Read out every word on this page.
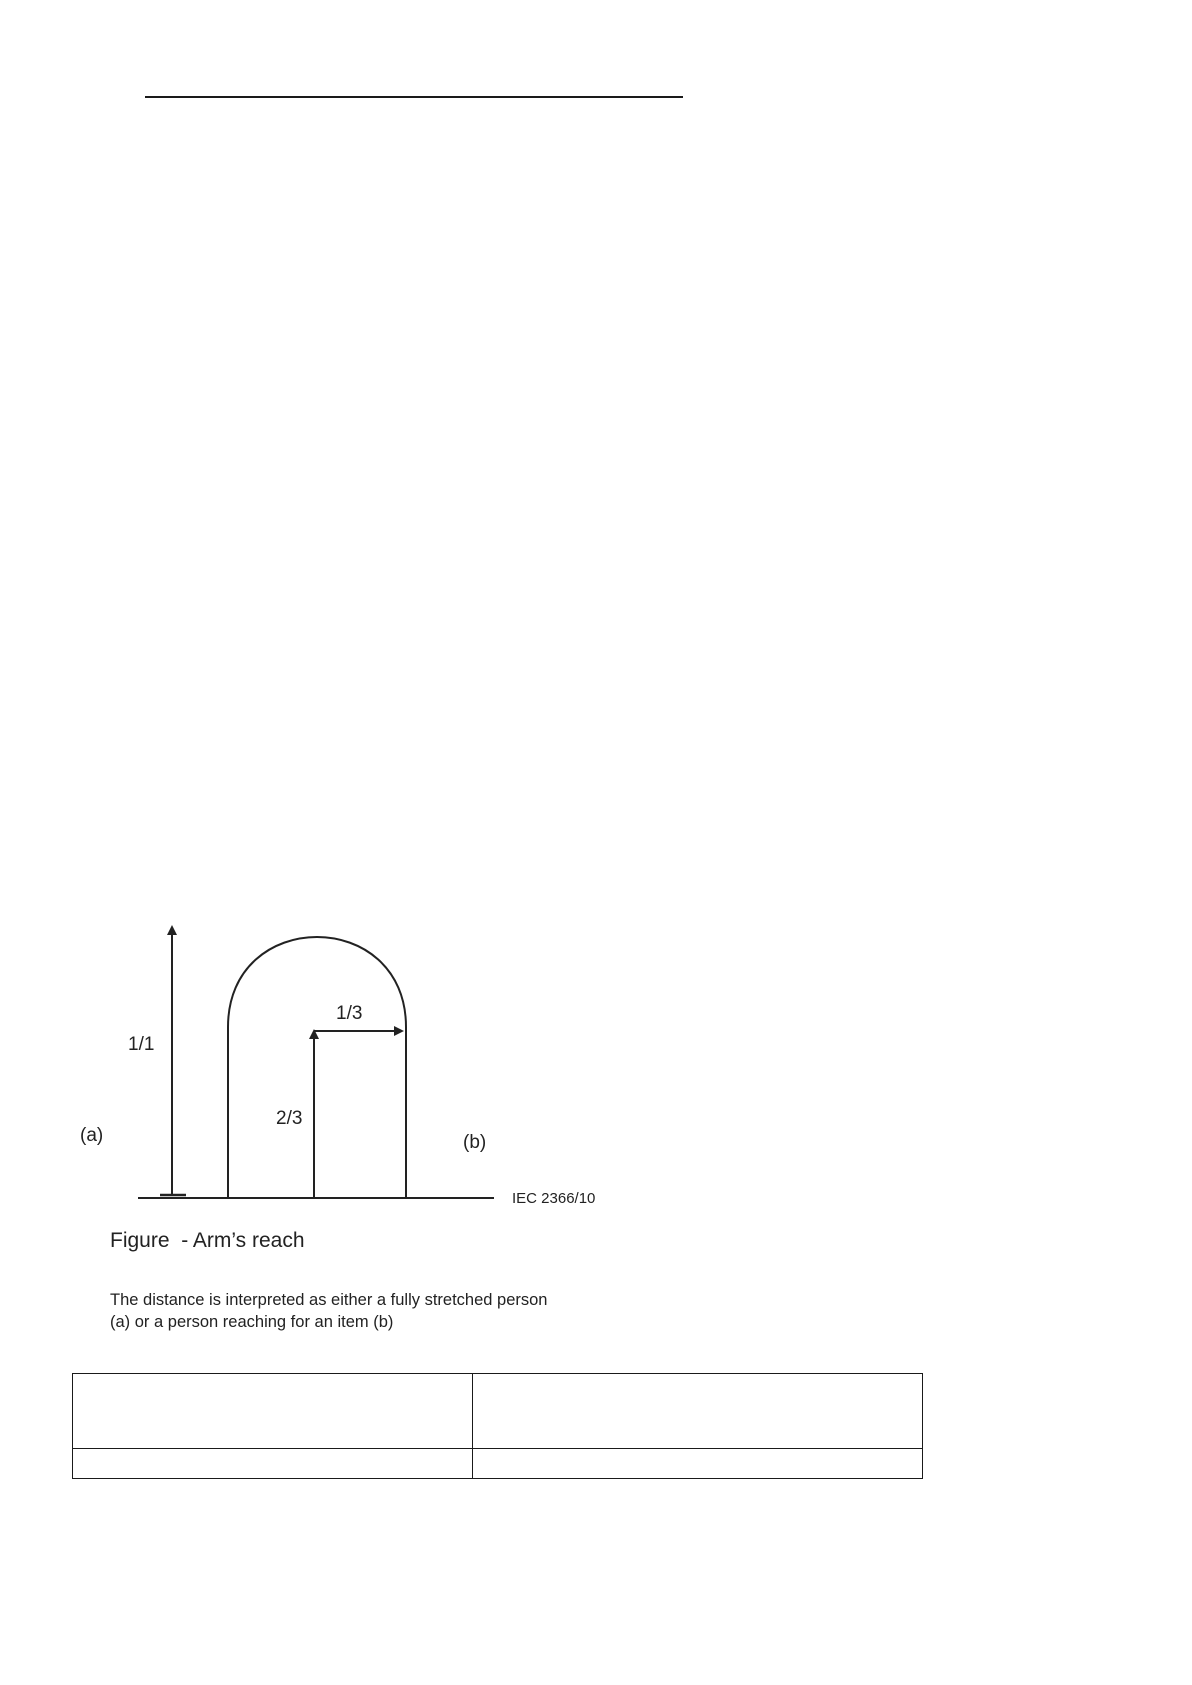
1/1
1/3
2/3
(a)	(b)
IEC 2366/10
Figure  - Arm’s reach
The distance is interpreted as either a fully stretched person
(a) or a person reaching for an item (b)
